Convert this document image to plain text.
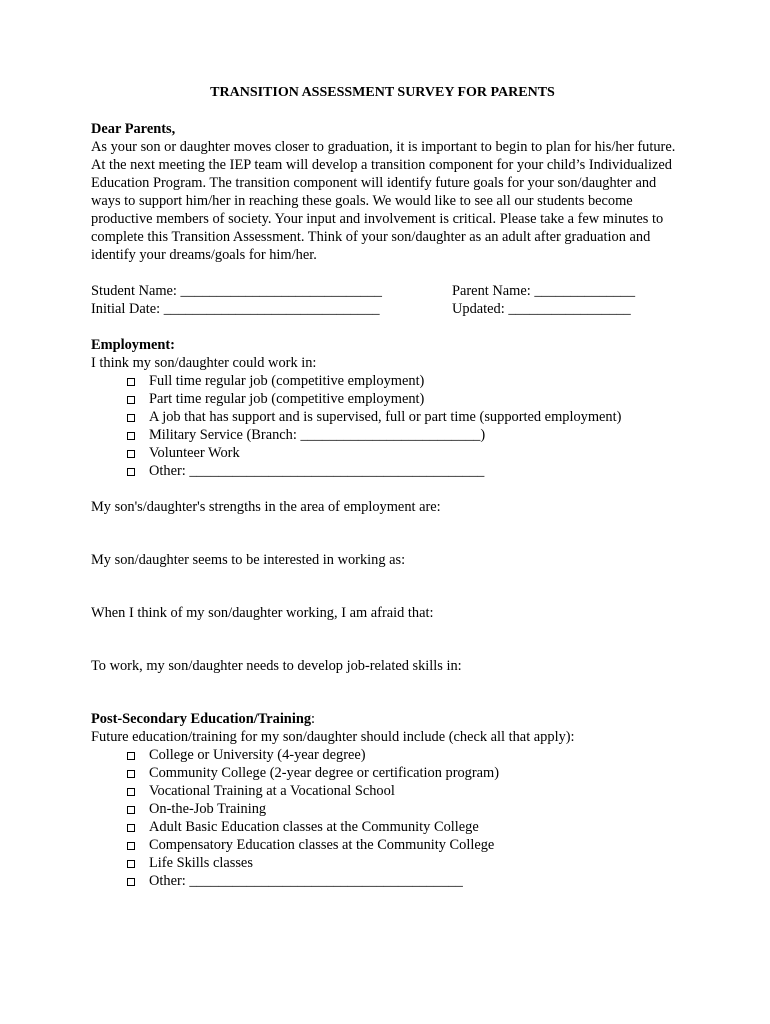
TRANSITION ASSESSMENT SURVEY FOR PARENTS
Dear Parents,
As your son or daughter moves closer to graduation, it is important to begin to plan for his/her future.
At the next meeting the IEP team will develop a transition component for your child’s Individualized
Education Program. The transition component will identify future goals for your son/daughter and
ways to support him/her in reaching these goals. We would like to see all our students become
productive members of society. Your input and involvement is critical. Please take a few minutes to
complete this Transition Assessment. Think of your son/daughter as an adult after graduation and
identify your dreams/goals for him/her.
Student Name: ____________________________	Parent Name: ______________
Initial Date: ______________________________	Updated: _________________
Employment:
I think my son/daughter could work in:
Full time regular job (competitive employment)
Part time regular job (competitive employment)
A job that has support and is supervised, full or part time (supported employment)
Military Service (Branch: _________________________)
Volunteer Work
Other: _________________________________________
My son's/daughter's strengths in the area of employment are:
My son/daughter seems to be interested in working as:
When I think of my son/daughter working, I am afraid that:
To work, my son/daughter needs to develop job-related skills in:
Post-Secondary Education/Training:
Future education/training for my son/daughter should include (check all that apply):
College or University (4-year degree)
Community College (2-year degree or certification program)
Vocational Training at a Vocational School
On-the-Job Training
Adult Basic Education classes at the Community College
Compensatory Education classes at the Community College
Life Skills classes
Other: ______________________________________
